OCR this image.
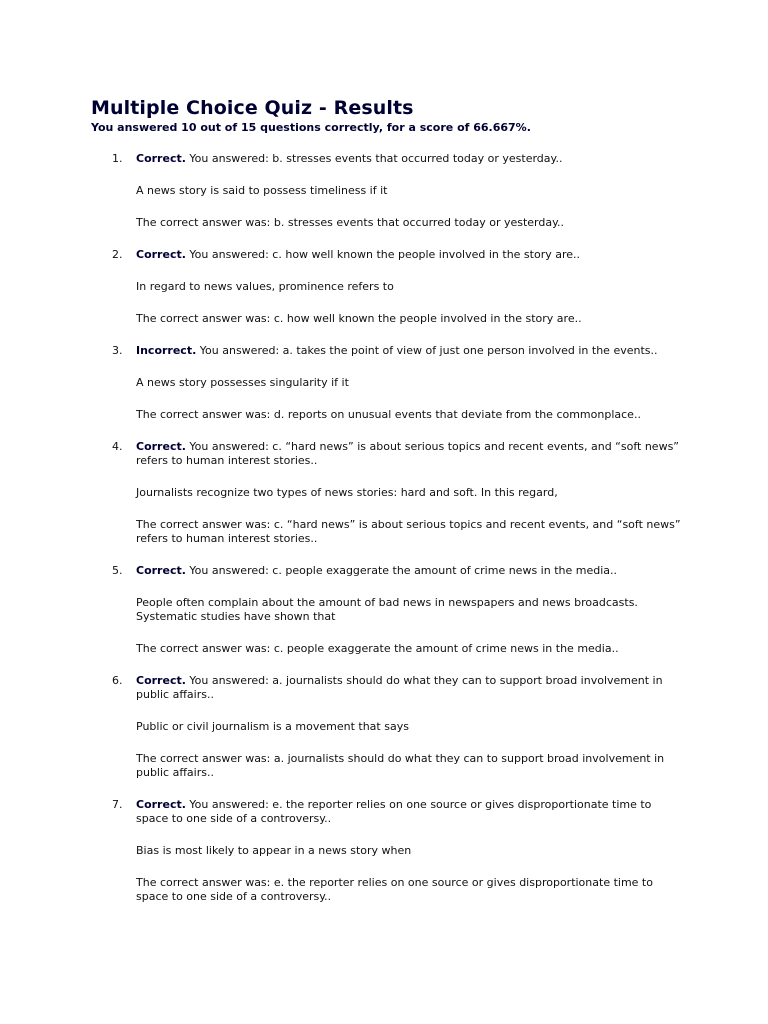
Multiple Choice Quiz - Results

You answered 10 out of 15 questions correctly, for a score of 66.667%.

1.	Correct. You answered: b. stresses events that occurred today or yesterday..

A news story is said to possess timeliness if it

The correct answer was: b. stresses events that occurred today or yesterday..

2.	Correct. You answered: c. how well known the people involved in the story are..

In regard to news values, prominence refers to

The correct answer was: c. how well known the people involved in the story are..

3.	Incorrect. You answered: a. takes the point of view of just one person involved in the events..

A news story possesses singularity if it

The correct answer was: d. reports on unusual events that deviate from the commonplace..

4.	Correct. You answered: c. “hard news” is about serious topics and recent events, and “soft news” refers to human interest stories..

Journalists recognize two types of news stories: hard and soft. In this regard,

The correct answer was: c. “hard news” is about serious topics and recent events, and “soft news” refers to human interest stories..

5.	Correct. You answered: c. people exaggerate the amount of crime news in the media..

People often complain about the amount of bad news in newspapers and news broadcasts. Systematic studies have shown that

The correct answer was: c. people exaggerate the amount of crime news in the media..

6.	Correct. You answered: a. journalists should do what they can to support broad involvement in public affairs..

Public or civil journalism is a movement that says

The correct answer was: a. journalists should do what they can to support broad involvement in public affairs..

7.	Correct. You answered: e. the reporter relies on one source or gives disproportionate time to space to one side of a controversy..

Bias is most likely to appear in a news story when

The correct answer was: e. the reporter relies on one source or gives disproportionate time to space to one side of a controversy..
